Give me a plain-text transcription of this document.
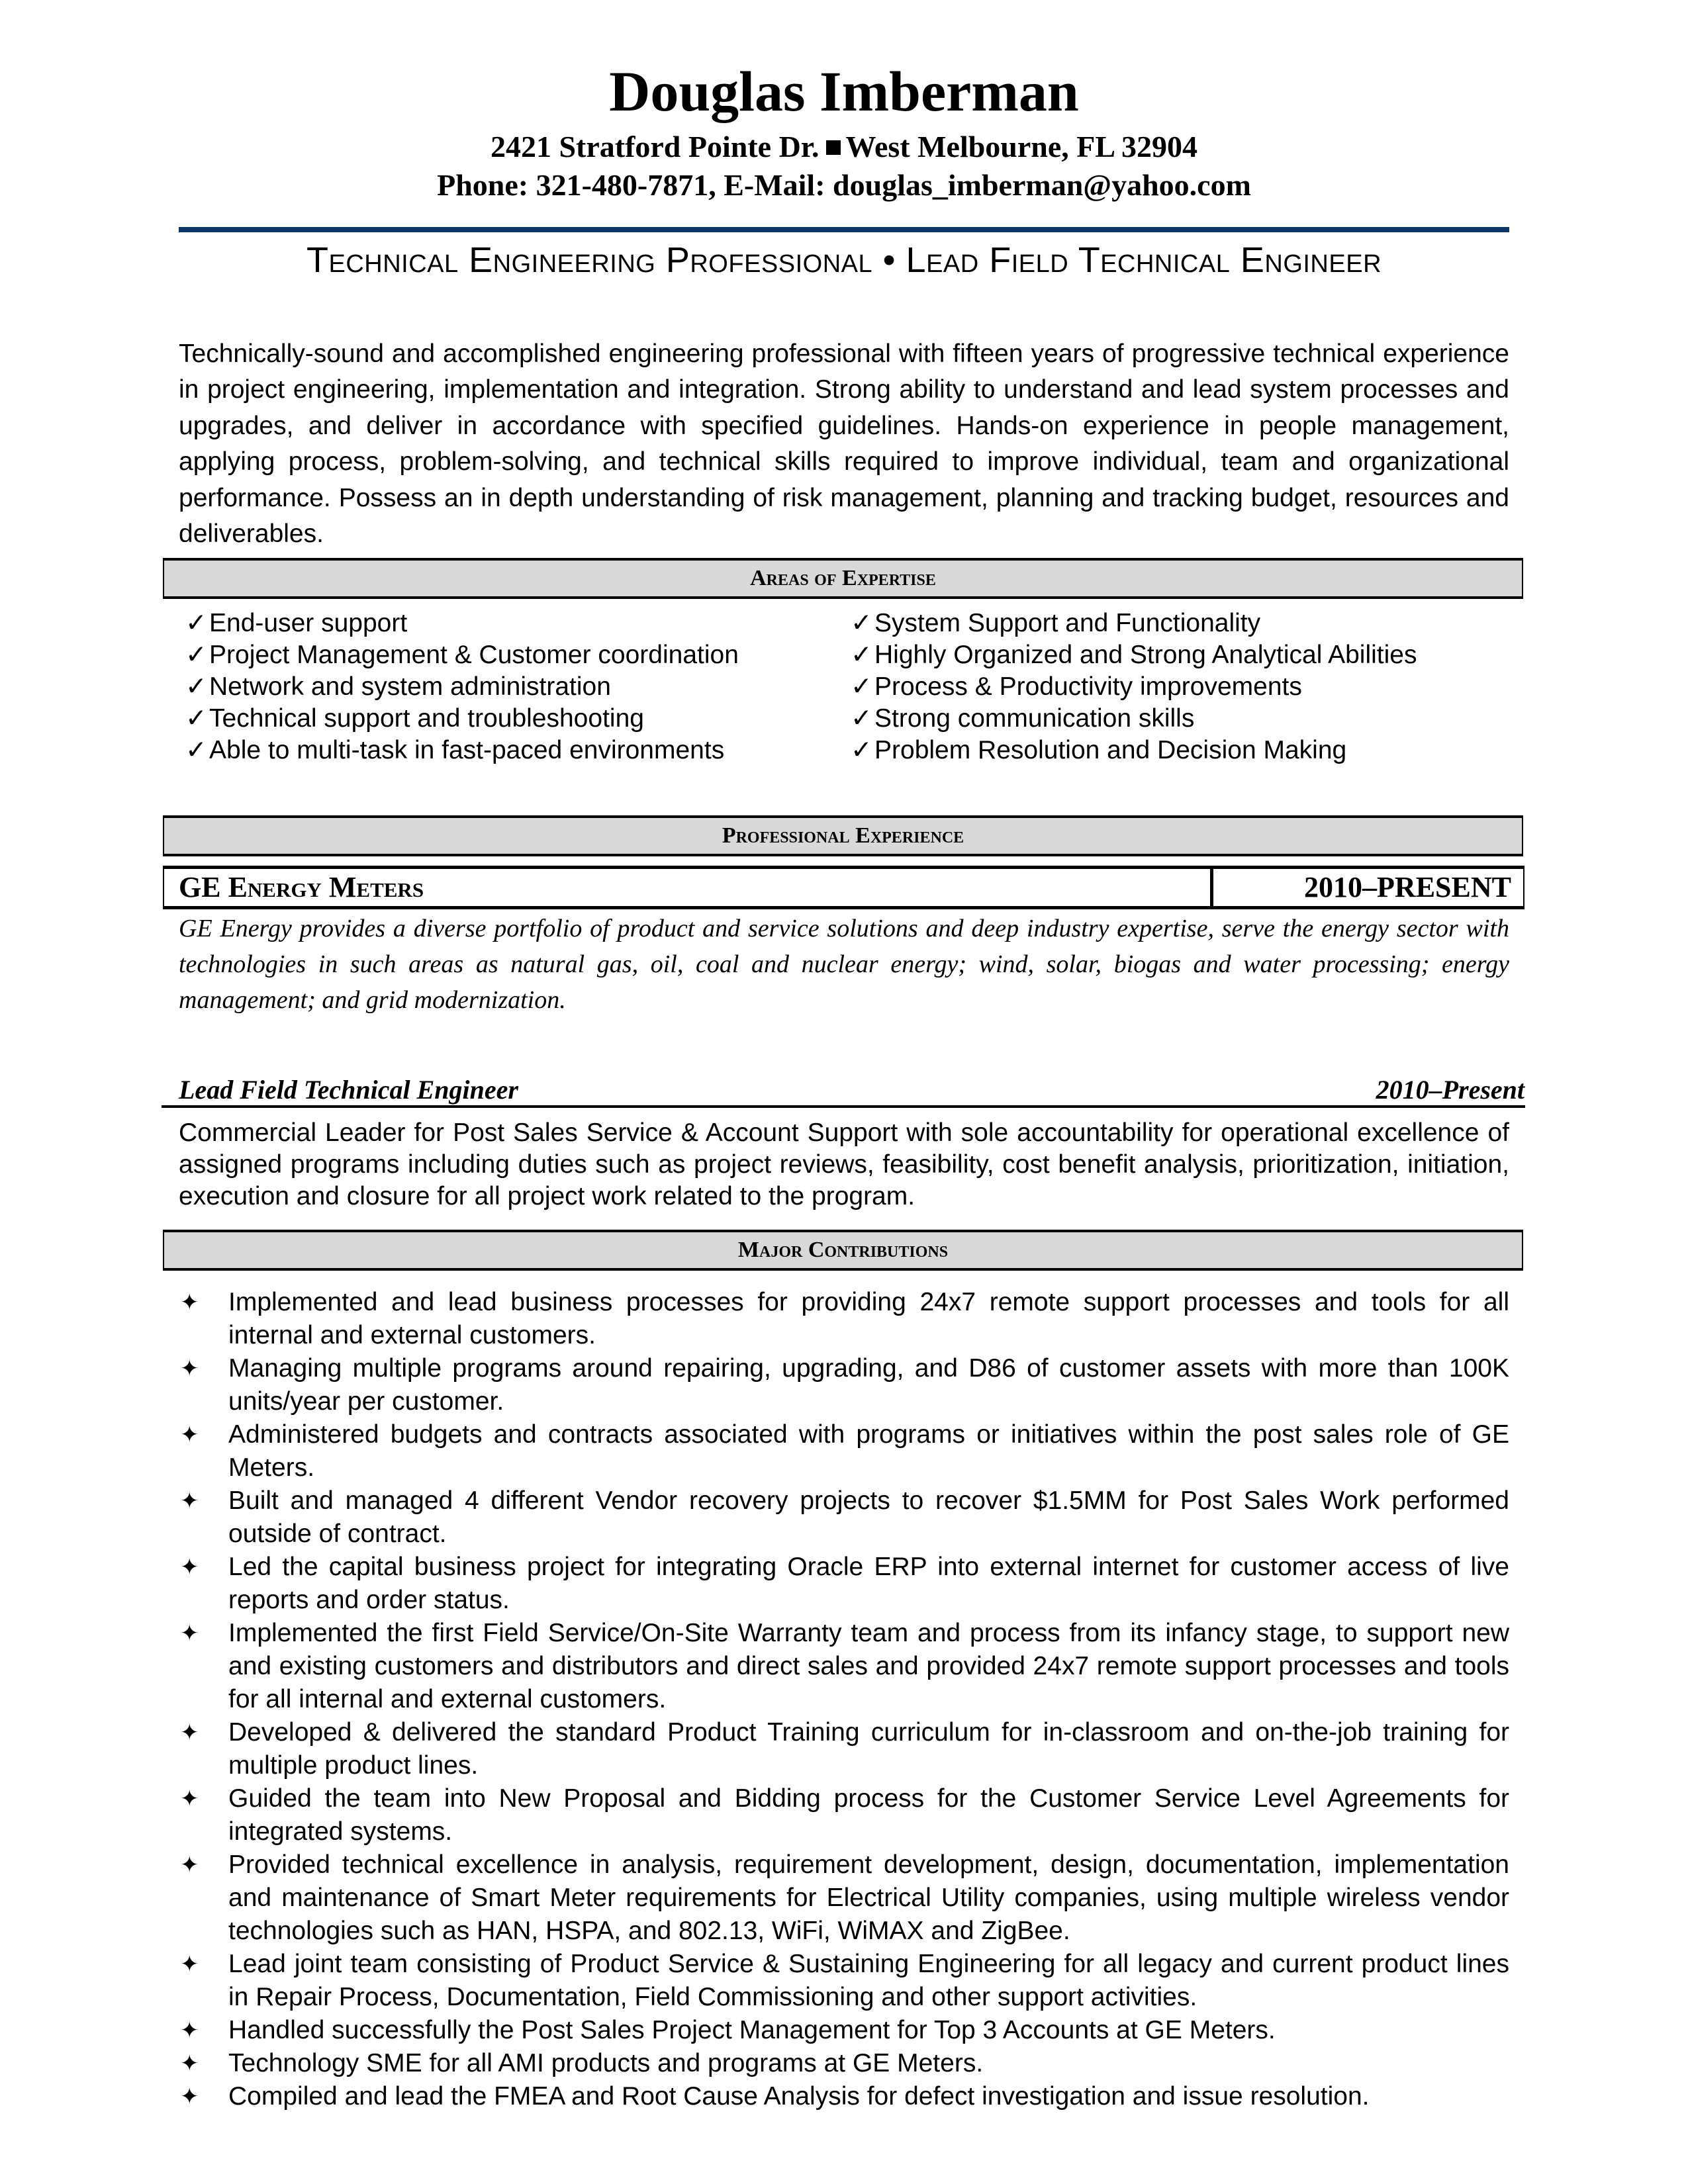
Douglas Imberman
2421 Stratford Pointe Dr. West Melbourne, FL 32904
Phone: 321-480-7871, E-Mail: douglas_imberman@yahoo.com
Technical Engineering Professional • Lead Field Technical Engineer
Technically-sound and accomplished engineering professional with fifteen years of progressive technical experience in project engineering, implementation and integration. Strong ability to understand and lead system processes and upgrades, and deliver in accordance with specified guidelines. Hands-on experience in people management, applying process, problem-solving, and technical skills required to improve individual, team and organizational performance. Possess an in depth understanding of risk management, planning and tracking budget, resources and deliverables.
Areas of Expertise
✓End-user support
✓Project Management & Customer coordination
✓Network and system administration
✓Technical support and troubleshooting
✓Able to multi-task in fast-paced environments
✓System Support and Functionality
✓Highly Organized and Strong Analytical Abilities
✓Process & Productivity improvements
✓Strong communication skills
✓Problem Resolution and Decision Making
Professional Experience
GE Energy Meters	2010–PRESENT
GE Energy provides a diverse portfolio of product and service solutions and deep industry expertise, serve the energy sector with technologies in such areas as natural gas, oil, coal and nuclear energy; wind, solar, biogas and water processing; energy management; and grid modernization.
Lead Field Technical Engineer	2010–Present
Commercial Leader for Post Sales Service & Account Support with sole accountability for operational excellence of assigned programs including duties such as project reviews, feasibility, cost benefit analysis, prioritization, initiation, execution and closure for all project work related to the program.
Major Contributions
✦ Implemented and lead business processes for providing 24x7 remote support processes and tools for all internal and external customers.
✦ Managing multiple programs around repairing, upgrading, and D86 of customer assets with more than 100K units/year per customer.
✦ Administered budgets and contracts associated with programs or initiatives within the post sales role of GE Meters.
✦ Built and managed 4 different Vendor recovery projects to recover $1.5MM for Post Sales Work performed outside of contract.
✦ Led the capital business project for integrating Oracle ERP into external internet for customer access of live reports and order status.
✦ Implemented the first Field Service/On-Site Warranty team and process from its infancy stage, to support new and existing customers and distributors and direct sales and provided 24x7 remote support processes and tools for all internal and external customers.
✦ Developed & delivered the standard Product Training curriculum for in-classroom and on-the-job training for multiple product lines.
✦ Guided the team into New Proposal and Bidding process for the Customer Service Level Agreements for integrated systems.
✦ Provided technical excellence in analysis, requirement development, design, documentation, implementation and maintenance of Smart Meter requirements for Electrical Utility companies, using multiple wireless vendor technologies such as HAN, HSPA, and 802.13, WiFi, WiMAX and ZigBee.
✦ Lead joint team consisting of Product Service & Sustaining Engineering for all legacy and current product lines in Repair Process, Documentation, Field Commissioning and other support activities.
✦ Handled successfully the Post Sales Project Management for Top 3 Accounts at GE Meters.
✦ Technology SME for all AMI products and programs at GE Meters.
✦ Compiled and lead the FMEA and Root Cause Analysis for defect investigation and issue resolution.
